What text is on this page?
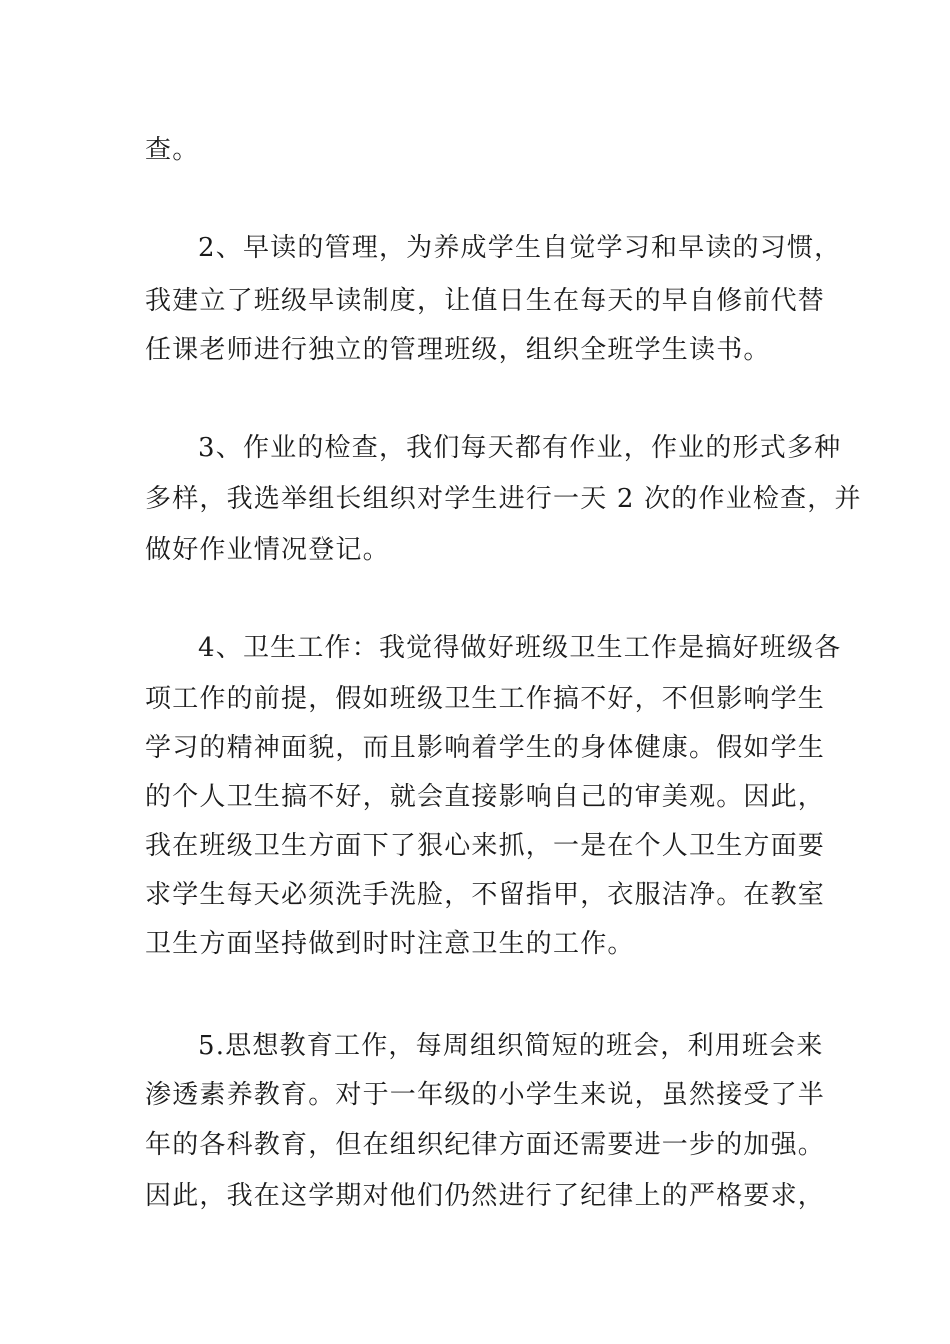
查。
2、早读的管理，为养成学生自觉学习和早读的习惯，
我建立了班级早读制度，让值日生在每天的早自修前代替
任课老师进行独立的管理班级，组织全班学生读书。
3、作业的检查，我们每天都有作业，作业的形式多种
多样，我选举组长组织对学生进行一天 2 次的作业检查，并
做好作业情况登记。
4、卫生工作：我觉得做好班级卫生工作是搞好班级各
项工作的前提，假如班级卫生工作搞不好，不但影响学生
学习的精神面貌，而且影响着学生的身体健康。假如学生
的个人卫生搞不好，就会直接影响自己的审美观。因此，
我在班级卫生方面下了狠心来抓，一是在个人卫生方面要
求学生每天必须洗手洗脸，不留指甲，衣服洁净。在教室
卫生方面坚持做到时时注意卫生的工作。
5.思想教育工作，每周组织简短的班会，利用班会来
渗透素养教育。对于一年级的小学生来说，虽然接受了半
年的各科教育，但在组织纪律方面还需要进一步的加强。
因此，我在这学期对他们仍然进行了纪律上的严格要求，
